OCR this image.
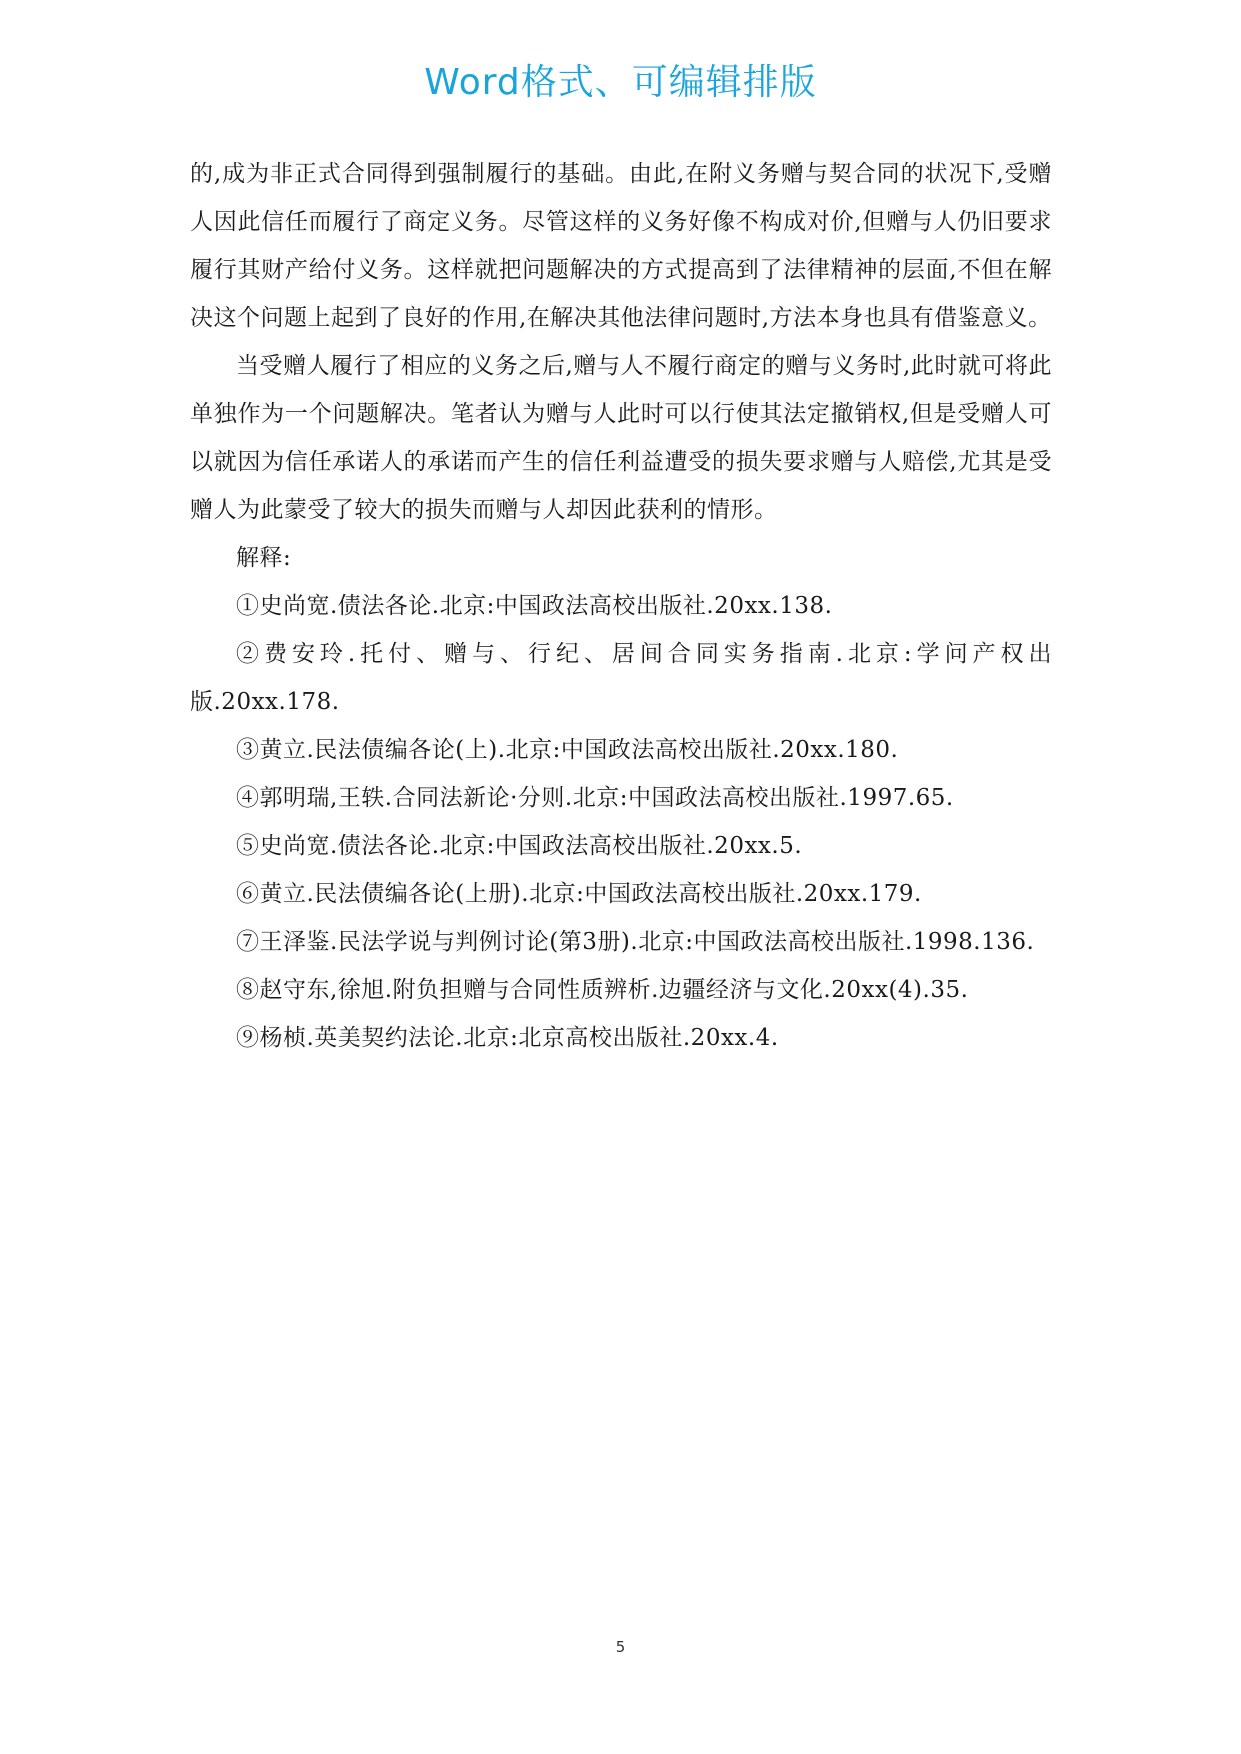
Word格式、可编辑排版

的,成为非正式合同得到强制履行的基础。由此,在附义务赠与契合同的状况下,受赠人因此信任而履行了商定义务。尽管这样的义务好像不构成对价,但赠与人仍旧要求履行其财产给付义务。这样就把问题解决的方式提高到了法律精神的层面,不但在解决这个问题上起到了良好的作用,在解决其他法律问题时,方法本身也具有借鉴意义。

当受赠人履行了相应的义务之后,赠与人不履行商定的赠与义务时,此时就可将此单独作为一个问题解决。笔者认为赠与人此时可以行使其法定撤销权,但是受赠人可以就因为信任承诺人的承诺而产生的信任利益遭受的损失要求赠与人赔偿,尤其是受赠人为此蒙受了较大的损失而赠与人却因此获利的情形。

解释:

①史尚宽.债法各论.北京:中国政法高校出版社.20xx.138.

②费安玲.托付、赠与、行纪、居间合同实务指南.北京:学问产权出版.20xx.178.

③黄立.民法债编各论(上).北京:中国政法高校出版社.20xx.180.

④郭明瑞,王轶.合同法新论·分则.北京:中国政法高校出版社.1997.65.

⑤史尚宽.债法各论.北京:中国政法高校出版社.20xx.5.

⑥黄立.民法债编各论(上册).北京:中国政法高校出版社.20xx.179.

⑦王泽鉴.民法学说与判例讨论(第3册).北京:中国政法高校出版社.1998.136.

⑧赵守东,徐旭.附负担赠与合同性质辨析.边疆经济与文化.20xx(4).35.

⑨杨桢.英美契约法论.北京:北京高校出版社.20xx.4.

5
